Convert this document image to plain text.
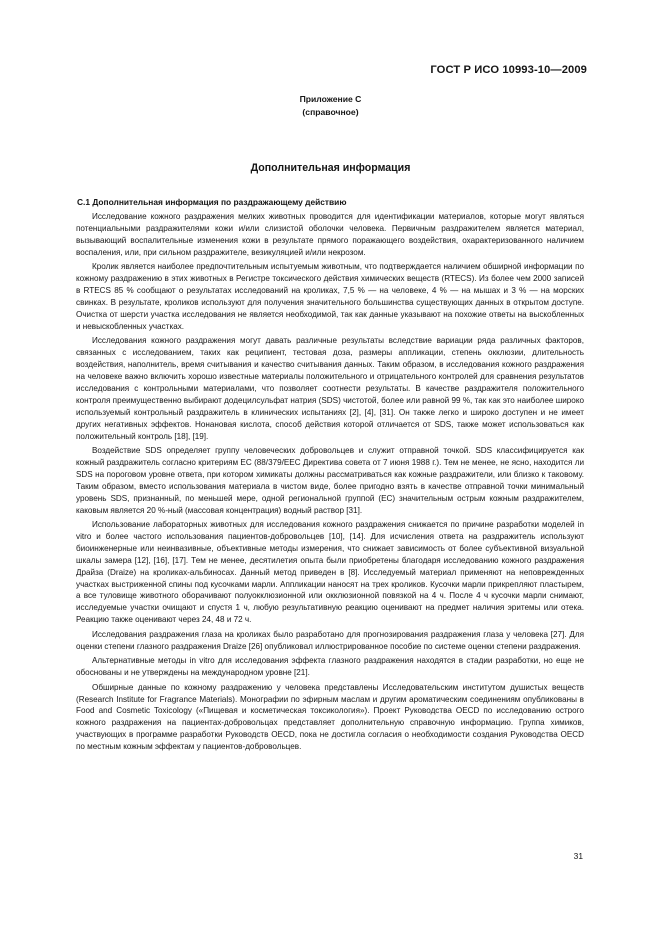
ГОСТ Р ИСО 10993-10—2009
Приложение С
(справочное)
Дополнительная информация
С.1 Дополнительная информация по раздражающему действию

Исследование кожного раздражения мелких животных проводится для идентификации материалов, которые могут являться потенциальными раздражителями кожи и/или слизистой оболочки человека. Первичным раздражителем является материал, вызывающий воспалительные изменения кожи в результате прямого поражающего воздействия, охарактеризованного наличием воспаления, или, при сильном раздражителе, везикуляцией и/или некрозом.

Кролик является наиболее предпочтительным испытуемым животным, что подтверждается наличием обширной информации по кожному раздражению в этих животных в Регистре токсического действия химических веществ (RTECS). Из более чем 2000 записей в RTECS 85 % сообщают о результатах исследований на кроликах, 7,5 % — на человеке, 4 % — на мышах и 3 % — на морских свинках. В результате, кроликов используют для получения значительного большинства существующих данных в открытом доступе. Очистка от шерсти участка исследования не является необходимой, так как данные указывают на похожие ответы на выскобленных и невыскобленных участках.

Исследования кожного раздражения могут давать различные результаты вследствие вариации ряда различных факторов, связанных с исследованием, таких как реципиент, тестовая доза, размеры аппликации, степень окклюзии, длительность воздействия, наполнитель, время считывания и качество считывания данных. Таким образом, в исследования кожного раздражения на человеке важно включить хорошо известные материалы положительного и отрицательного контролей для сравнения результатов исследования с контрольными материалами, что позволяет соотнести результаты. В качестве раздражителя положительного контроля преимущественно выбирают додецилсульфат натрия (SDS) чистотой, более или равной 99 %, так как это наиболее широко используемый контрольный раздражитель в клинических испытаниях [2], [4], [31]. Он также легко и широко доступен и не имеет других негативных эффектов. Нонановая кислота, способ действия которой отличается от SDS, также может использоваться как положительный контроль [18], [19].

Воздействие SDS определяет группу человеческих добровольцев и служит отправной точкой. SDS классифицируется как кожный раздражитель согласно критериям ЕС (88/379/ЕЕС Директива совета от 7 июня 1988 г.). Тем не менее, не ясно, находится ли SDS на пороговом уровне ответа, при котором химикаты должны рассматриваться как кожные раздражители, или близко к таковому. Таким образом, вместо использования материала в чистом виде, более пригодно взять в качестве отправной точки минимальный уровень SDS, признанный, по меньшей мере, одной региональной группой (ЕС) значительным острым кожным раздражителем, каковым является 20 %-ный (массовая концентрация) водный раствор [31].

Использование лабораторных животных для исследования кожного раздражения снижается по причине разработки моделей in vitro и более частого использования пациентов-добровольцев [10], [14]. Для исчисления ответа на раздражитель используют биоинженерные или неинвазивные, объективные методы измерения, что снижает зависимость от более субъективной визуальной шкалы замера [12], [16], [17]. Тем не менее, десятилетия опыта были приобретены благодаря исследованию кожного раздражения Драйза (Draize) на кроликах-альбиносах. Данный метод приведен в [8]. Исследуемый материал применяют на неповрежденных участках выстриженной спины под кусочками марли. Аппликации наносят на трех кроликов. Кусочки марли прикрепляют пластырем, а все туловище животного оборачивают полуокклюзионной или окклюзионной повязкой на 4 ч. После 4 ч кусочки марли снимают, исследуемые участки очищают и спустя 1 ч, любую результативную реакцию оценивают на предмет наличия эритемы или отека. Реакцию также оценивают через 24, 48 и 72 ч.

Исследования раздражения глаза на кроликах было разработано для прогнозирования раздражения глаза у человека [27]. Для оценки степени глазного раздражения Draize [26] опубликовал иллюстрированное пособие по системе оценки степени раздражения.

Альтернативные методы in vitro для исследования эффекта глазного раздражения находятся в стадии разработки, но еще не обоснованы и не утверждены на международном уровне [21].

Обширные данные по кожному раздражению у человека представлены Исследовательским институтом душистых веществ (Research Institute for Fragrance Materials). Монографии по эфирным маслам и другим ароматическим соединениям опубликованы в Food and Cosmetic Toxicology («Пищевая и косметическая токсикология»). Проект Руководства OECD по исследованию острого кожного раздражения на пациентах-добровольцах представляет дополнительную справочную информацию. Группа химиков, участвующих в программе разработки Руководств OECD, пока не достигла согласия о необходимости создания Руководства OECD по местным кожным эффектам у пациентов-добровольцев.

31
